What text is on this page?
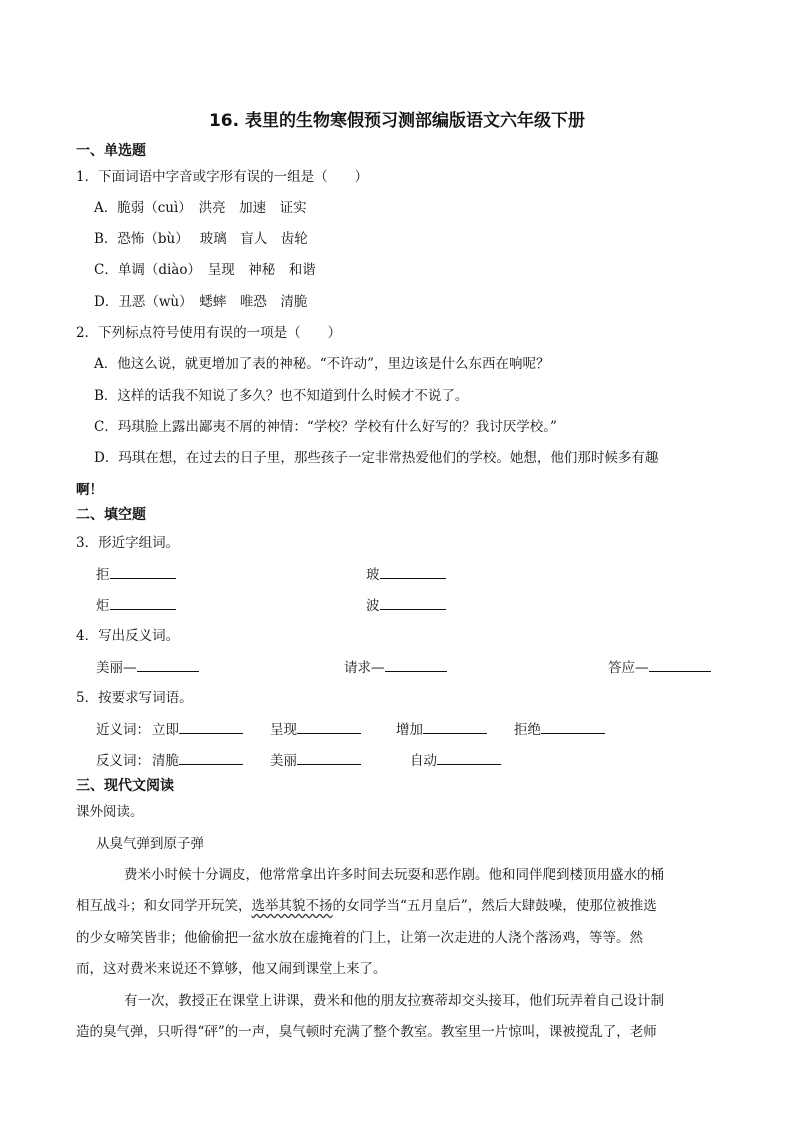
16. 表里的生物寒假预习测部编版语文六年级下册
一、单选题
1．下面词语中字音或字形有误的一组是（　　）
A．脆弱（cuì）　洪亮　加速　证实
B．恐怖（bù）　 玻璃　盲人　齿轮
C．单调（diào）　呈现　神秘　和谐
D．丑恶（wù）　蟋蟀　唯恐　清脆
2．下列标点符号使用有误的一项是（　　）
A．他这么说，就更增加了表的神秘。“不许动”，里边该是什么东西在响呢？
B．这样的话我不知说了多久？也不知道到什么时候才不说了。
C．玛琪脸上露出鄙夷不屑的神情：“学校？学校有什么好写的？我讨厌学校。”
D．玛琪在想，在过去的日子里，那些孩子一定非常热爱他们的学校。她想，他们那时候多有趣
啊！
二、填空题
3．形近字组词。
拒	玻
炬	波
4．写出反义词。
美丽—	请求—	答应—
5．按要求写词语。
近义词： 立即	呈现	增加	拒绝
反义词： 清脆	美丽	自动
三、现代文阅读
课外阅读。
从臭气弹到原子弹
费米小时候十分调皮，他常常拿出许多时间去玩耍和恶作剧。他和同伴爬到楼顶用盛水的桶
相互战斗；和女同学开玩笑，选举其貌不扬的女同学当“五月皇后”，然后大肆鼓噪，使那位被推选
的少女啼笑皆非；他偷偷把一盆水放在虚掩着的门上，让第一次走进的人浇个落汤鸡，等等。然
而，这对费米来说还不算够，他又闹到课堂上来了。
有一次，教授正在课堂上讲课，费米和他的朋友拉赛蒂却交头接耳，他们玩弄着自己设计制
造的臭气弹，只听得“砰”的一声，臭气顿时充满了整个教室。教室里一片惊叫，课被搅乱了，老师
